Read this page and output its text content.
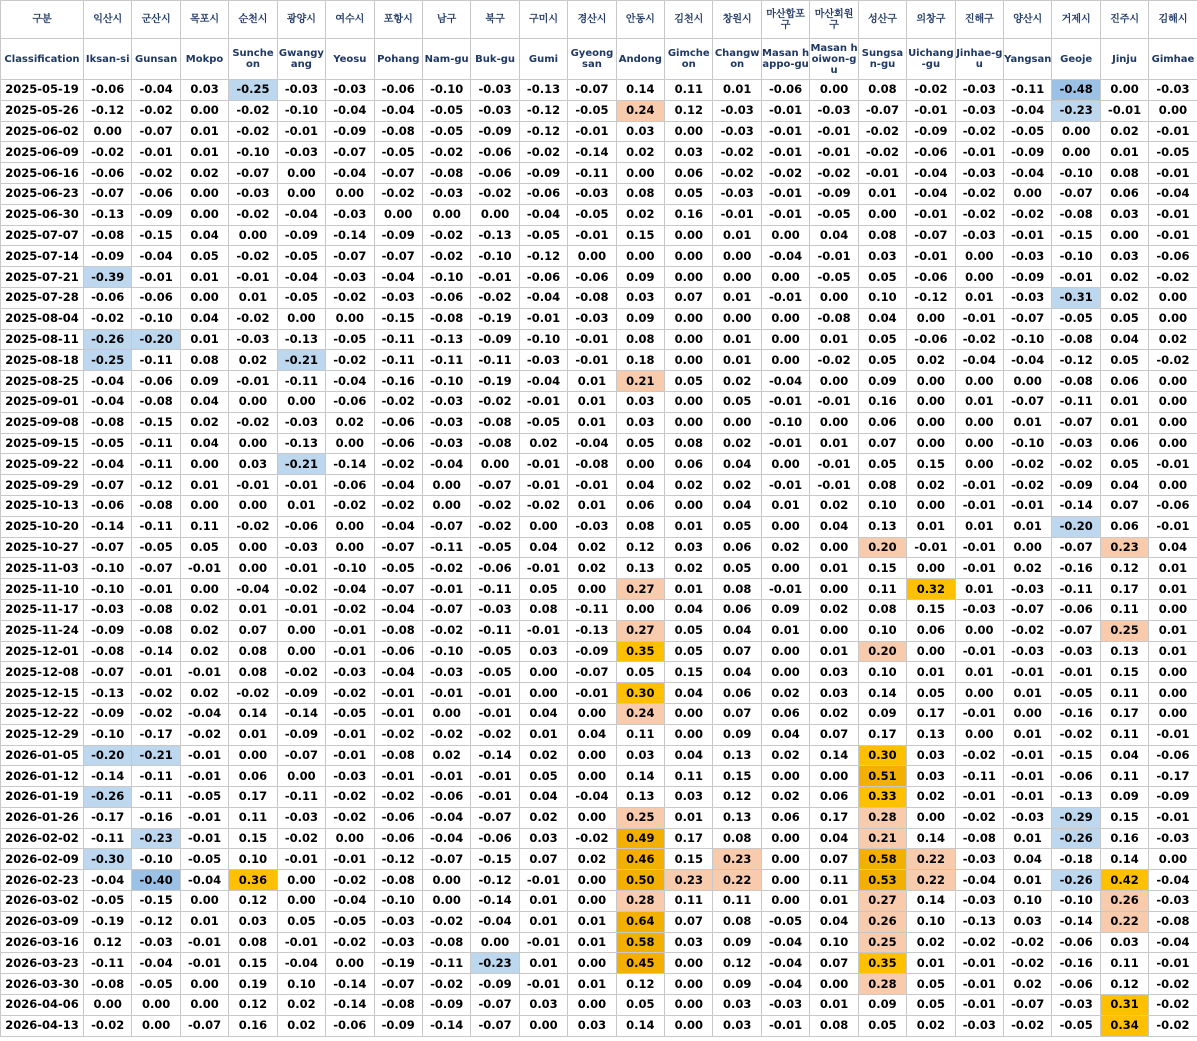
구분	익산시	군산시	목포시	순천시	광양시	여수시	포항시	남구	북구	구미시	경산시	안동시	김천시	창원시	마산합포구	마산회원구	성산구	의창구	진해구	양산시	거제시	진주시	김해시
Classification	Iksan-si	Gunsan	Mokpo	Suncheon	Gwangyang	Yeosu	Pohang	Nam-gu	Buk-gu	Gumi	Gyeongsan	Andong	Gimcheon	Changwon	Masan happo-gu	Masan hoiwon-gu	Sungsan-gu	Uichang-gu	Jinhae-gu	Yangsan	Geoje	Jinju	Gimhae
2025-05-19	-0.06	-0.04	0.03	-0.25	-0.03	-0.03	-0.06	-0.10	-0.03	-0.13	-0.07	0.14	0.11	0.01	-0.06	0.00	0.08	-0.02	-0.03	-0.11	-0.48	0.00	-0.03
2025-05-26	-0.12	-0.02	0.00	-0.02	-0.10	-0.04	-0.04	-0.05	-0.03	-0.12	-0.05	0.24	0.12	-0.03	-0.01	-0.03	-0.07	-0.01	-0.03	-0.04	-0.23	-0.01	0.00
2025-06-02	0.00	-0.07	0.01	-0.02	-0.01	-0.09	-0.08	-0.05	-0.09	-0.12	-0.01	0.03	0.00	-0.03	-0.01	-0.01	-0.02	-0.09	-0.02	-0.05	0.00	0.02	-0.01
2025-06-09	-0.02	-0.01	0.01	-0.10	-0.03	-0.07	-0.05	-0.02	-0.06	-0.02	-0.14	0.02	0.03	-0.02	-0.01	-0.01	-0.02	-0.06	-0.01	-0.09	0.00	0.01	-0.05
2025-06-16	-0.06	-0.02	0.02	-0.07	0.00	-0.04	-0.07	-0.08	-0.06	-0.09	-0.11	0.00	0.06	-0.02	-0.02	-0.02	-0.01	-0.04	-0.03	-0.04	-0.10	0.08	-0.01
2025-06-23	-0.07	-0.06	0.00	-0.03	0.00	0.00	-0.02	-0.03	-0.02	-0.06	-0.03	0.08	0.05	-0.03	-0.01	-0.09	0.01	-0.04	-0.02	0.00	-0.07	0.06	-0.04
2025-06-30	-0.13	-0.09	0.00	-0.02	-0.04	-0.03	0.00	0.00	0.00	-0.04	-0.05	0.02	0.16	-0.01	-0.01	-0.05	0.00	-0.01	-0.02	-0.02	-0.08	0.03	-0.01
2025-07-07	-0.08	-0.15	0.04	0.00	-0.09	-0.14	-0.09	-0.02	-0.13	-0.05	-0.01	0.15	0.00	0.01	0.00	0.04	0.08	-0.07	-0.03	-0.01	-0.15	0.00	-0.01
2025-07-14	-0.09	-0.04	0.05	-0.02	-0.05	-0.07	-0.07	-0.02	-0.10	-0.12	0.00	0.00	0.00	0.00	-0.04	-0.01	0.03	-0.01	0.00	-0.03	-0.10	0.03	-0.06
2025-07-21	-0.39	-0.01	0.01	-0.01	-0.04	-0.03	-0.04	-0.10	-0.01	-0.06	-0.06	0.09	0.00	0.00	0.00	-0.05	0.05	-0.06	0.00	-0.09	-0.01	0.02	-0.02
2025-07-28	-0.06	-0.06	0.00	0.01	-0.05	-0.02	-0.03	-0.06	-0.02	-0.04	-0.08	0.03	0.07	0.01	-0.01	0.00	0.10	-0.12	0.01	-0.03	-0.31	0.02	0.00
2025-08-04	-0.02	-0.10	0.04	-0.02	0.00	0.00	-0.15	-0.08	-0.19	-0.01	-0.03	0.09	0.00	0.00	0.00	-0.08	0.04	0.00	-0.01	-0.07	-0.05	0.05	0.00
2025-08-11	-0.26	-0.20	0.01	-0.03	-0.13	-0.05	-0.11	-0.13	-0.09	-0.10	-0.01	0.08	0.00	0.01	0.00	0.01	0.05	-0.06	-0.02	-0.10	-0.08	0.04	0.02
2025-08-18	-0.25	-0.11	0.08	0.02	-0.21	-0.02	-0.11	-0.11	-0.11	-0.03	-0.01	0.18	0.00	0.01	0.00	-0.02	0.05	0.02	-0.04	-0.04	-0.12	0.05	-0.02
2025-08-25	-0.04	-0.06	0.09	-0.01	-0.11	-0.04	-0.16	-0.10	-0.19	-0.04	0.01	0.21	0.05	0.02	-0.04	0.00	0.09	0.00	0.00	0.00	-0.08	0.06	0.00
2025-09-01	-0.04	-0.08	0.04	0.00	0.00	-0.06	-0.02	-0.03	-0.02	-0.01	0.01	0.03	0.00	0.05	-0.01	-0.01	0.16	0.00	0.01	-0.07	-0.11	0.01	0.00
2025-09-08	-0.08	-0.15	0.02	-0.02	-0.03	0.02	-0.06	-0.03	-0.08	-0.05	0.01	0.03	0.00	0.00	-0.10	0.00	0.06	0.00	0.00	0.01	-0.07	0.01	0.00
2025-09-15	-0.05	-0.11	0.04	0.00	-0.13	0.00	-0.06	-0.03	-0.08	0.02	-0.04	0.05	0.08	0.02	-0.01	0.01	0.07	0.00	0.00	-0.10	-0.03	0.06	0.00
2025-09-22	-0.04	-0.11	0.00	0.03	-0.21	-0.14	-0.02	-0.04	0.00	-0.01	-0.08	0.00	0.06	0.04	0.00	-0.01	0.05	0.15	0.00	-0.02	-0.02	0.05	-0.01
2025-09-29	-0.07	-0.12	0.01	-0.01	-0.01	-0.06	-0.04	0.00	-0.07	-0.01	-0.01	0.04	0.02	0.02	-0.01	-0.01	0.08	0.02	-0.01	-0.02	-0.09	0.04	0.00
2025-10-13	-0.06	-0.08	0.00	0.00	0.01	-0.02	-0.02	0.00	-0.02	-0.02	0.01	0.06	0.00	0.04	0.01	0.02	0.10	0.00	-0.01	-0.01	-0.14	0.07	-0.06
2025-10-20	-0.14	-0.11	0.11	-0.02	-0.06	0.00	-0.04	-0.07	-0.02	0.00	-0.03	0.08	0.01	0.05	0.00	0.04	0.13	0.01	0.01	0.01	-0.20	0.06	-0.01
2025-10-27	-0.07	-0.05	0.05	0.00	-0.03	0.00	-0.07	-0.11	-0.05	0.04	0.02	0.12	0.03	0.06	0.02	0.00	0.20	-0.01	-0.01	0.00	-0.07	0.23	0.04
2025-11-03	-0.10	-0.07	-0.01	0.00	-0.01	-0.10	-0.05	-0.02	-0.06	-0.01	0.02	0.13	0.02	0.05	0.00	0.01	0.15	0.00	-0.01	0.02	-0.16	0.12	0.01
2025-11-10	-0.10	-0.01	0.00	-0.04	-0.02	-0.04	-0.07	-0.01	-0.11	0.05	0.00	0.27	0.01	0.08	-0.01	0.00	0.11	0.32	0.01	-0.03	-0.11	0.17	0.01
2025-11-17	-0.03	-0.08	0.02	0.01	-0.01	-0.02	-0.04	-0.07	-0.03	0.08	-0.11	0.00	0.04	0.06	0.09	0.02	0.08	0.15	-0.03	-0.07	-0.06	0.11	0.00
2025-11-24	-0.09	-0.08	0.02	0.07	0.00	-0.01	-0.08	-0.02	-0.11	-0.01	-0.13	0.27	0.05	0.04	0.01	0.00	0.10	0.06	0.00	-0.02	-0.07	0.25	0.01
2025-12-01	-0.08	-0.14	0.02	0.08	0.00	-0.01	-0.06	-0.10	-0.05	0.03	-0.09	0.35	0.05	0.07	0.00	0.01	0.20	0.00	-0.01	-0.03	-0.03	0.13	0.01
2025-12-08	-0.07	-0.01	-0.01	0.08	-0.02	-0.03	-0.04	-0.03	-0.05	0.00	-0.07	0.05	0.15	0.04	0.00	0.03	0.10	0.01	0.01	-0.01	-0.01	0.15	0.00
2025-12-15	-0.13	-0.02	0.02	-0.02	-0.09	-0.02	-0.01	-0.01	-0.01	0.00	-0.01	0.30	0.04	0.06	0.02	0.03	0.14	0.05	0.00	0.01	-0.05	0.11	0.00
2025-12-22	-0.09	-0.02	-0.04	0.14	-0.14	-0.05	-0.01	0.00	-0.01	0.04	0.00	0.24	0.00	0.07	0.06	0.02	0.09	0.17	-0.01	0.00	-0.16	0.17	0.00
2025-12-29	-0.10	-0.17	-0.02	0.01	-0.09	-0.01	-0.02	-0.02	-0.02	0.01	0.04	0.11	0.00	0.09	0.04	0.07	0.17	0.13	0.00	0.01	-0.02	0.11	-0.01
2026-01-05	-0.20	-0.21	-0.01	0.00	-0.07	-0.01	-0.08	0.02	-0.14	0.02	0.00	0.03	0.04	0.13	0.02	0.14	0.30	0.03	-0.02	-0.01	-0.15	0.04	-0.06
2026-01-12	-0.14	-0.11	-0.01	0.06	0.00	-0.03	-0.01	-0.01	-0.01	0.05	0.00	0.14	0.11	0.15	0.00	0.00	0.51	0.03	-0.11	-0.01	-0.06	0.11	-0.17
2026-01-19	-0.26	-0.11	-0.05	0.17	-0.11	-0.02	-0.02	-0.06	-0.01	0.04	-0.04	0.13	0.03	0.12	0.02	0.06	0.33	0.02	-0.01	-0.01	-0.13	0.09	-0.09
2026-01-26	-0.17	-0.16	-0.01	0.11	-0.03	-0.02	-0.06	-0.04	-0.07	0.02	0.00	0.25	0.01	0.13	0.06	0.17	0.28	0.00	-0.02	-0.03	-0.29	0.15	-0.01
2026-02-02	-0.11	-0.23	-0.01	0.15	-0.02	0.00	-0.06	-0.04	-0.06	0.03	-0.02	0.49	0.17	0.08	0.00	0.04	0.21	0.14	-0.08	0.01	-0.26	0.16	-0.03
2026-02-09	-0.30	-0.10	-0.05	0.10	-0.01	-0.01	-0.12	-0.07	-0.15	0.07	0.02	0.46	0.15	0.23	0.00	0.07	0.58	0.22	-0.03	0.04	-0.18	0.14	0.00
2026-02-23	-0.04	-0.40	-0.04	0.36	0.00	-0.02	-0.08	0.00	-0.12	-0.01	0.00	0.50	0.23	0.22	0.00	0.11	0.53	0.22	-0.04	0.01	-0.26	0.42	-0.04
2026-03-02	-0.05	-0.15	0.00	0.12	0.00	-0.04	-0.10	0.00	-0.14	0.01	0.00	0.28	0.11	0.11	0.00	0.01	0.27	0.14	-0.03	0.10	-0.10	0.26	-0.03
2026-03-09	-0.19	-0.12	0.01	0.03	0.05	-0.05	-0.03	-0.02	-0.04	0.01	0.01	0.64	0.07	0.08	-0.05	0.04	0.26	0.10	-0.13	0.03	-0.14	0.22	-0.08
2026-03-16	0.12	-0.03	-0.01	0.08	-0.01	-0.02	-0.03	-0.08	0.00	-0.01	0.01	0.58	0.03	0.09	-0.04	0.10	0.25	0.02	-0.02	-0.02	-0.06	0.03	-0.04
2026-03-23	-0.11	-0.04	-0.01	0.15	-0.04	0.00	-0.19	-0.11	-0.23	0.01	0.00	0.45	0.00	0.12	-0.04	0.07	0.35	0.01	-0.01	-0.02	-0.16	0.11	-0.01
2026-03-30	-0.08	-0.05	0.00	0.19	0.10	-0.14	-0.07	-0.02	-0.09	-0.01	0.01	0.12	0.00	0.09	-0.04	0.00	0.28	0.05	-0.01	0.02	-0.06	0.12	-0.02
2026-04-06	0.00	0.00	0.00	0.12	0.02	-0.14	-0.08	-0.09	-0.07	0.03	0.00	0.05	0.00	0.03	-0.03	0.01	0.09	0.05	-0.01	-0.07	-0.03	0.31	-0.02
2026-04-13	-0.02	0.00	-0.07	0.16	0.02	-0.06	-0.09	-0.14	-0.07	0.00	0.03	0.14	0.00	0.03	-0.01	0.08	0.05	0.02	-0.03	-0.02	-0.05	0.34	-0.02
